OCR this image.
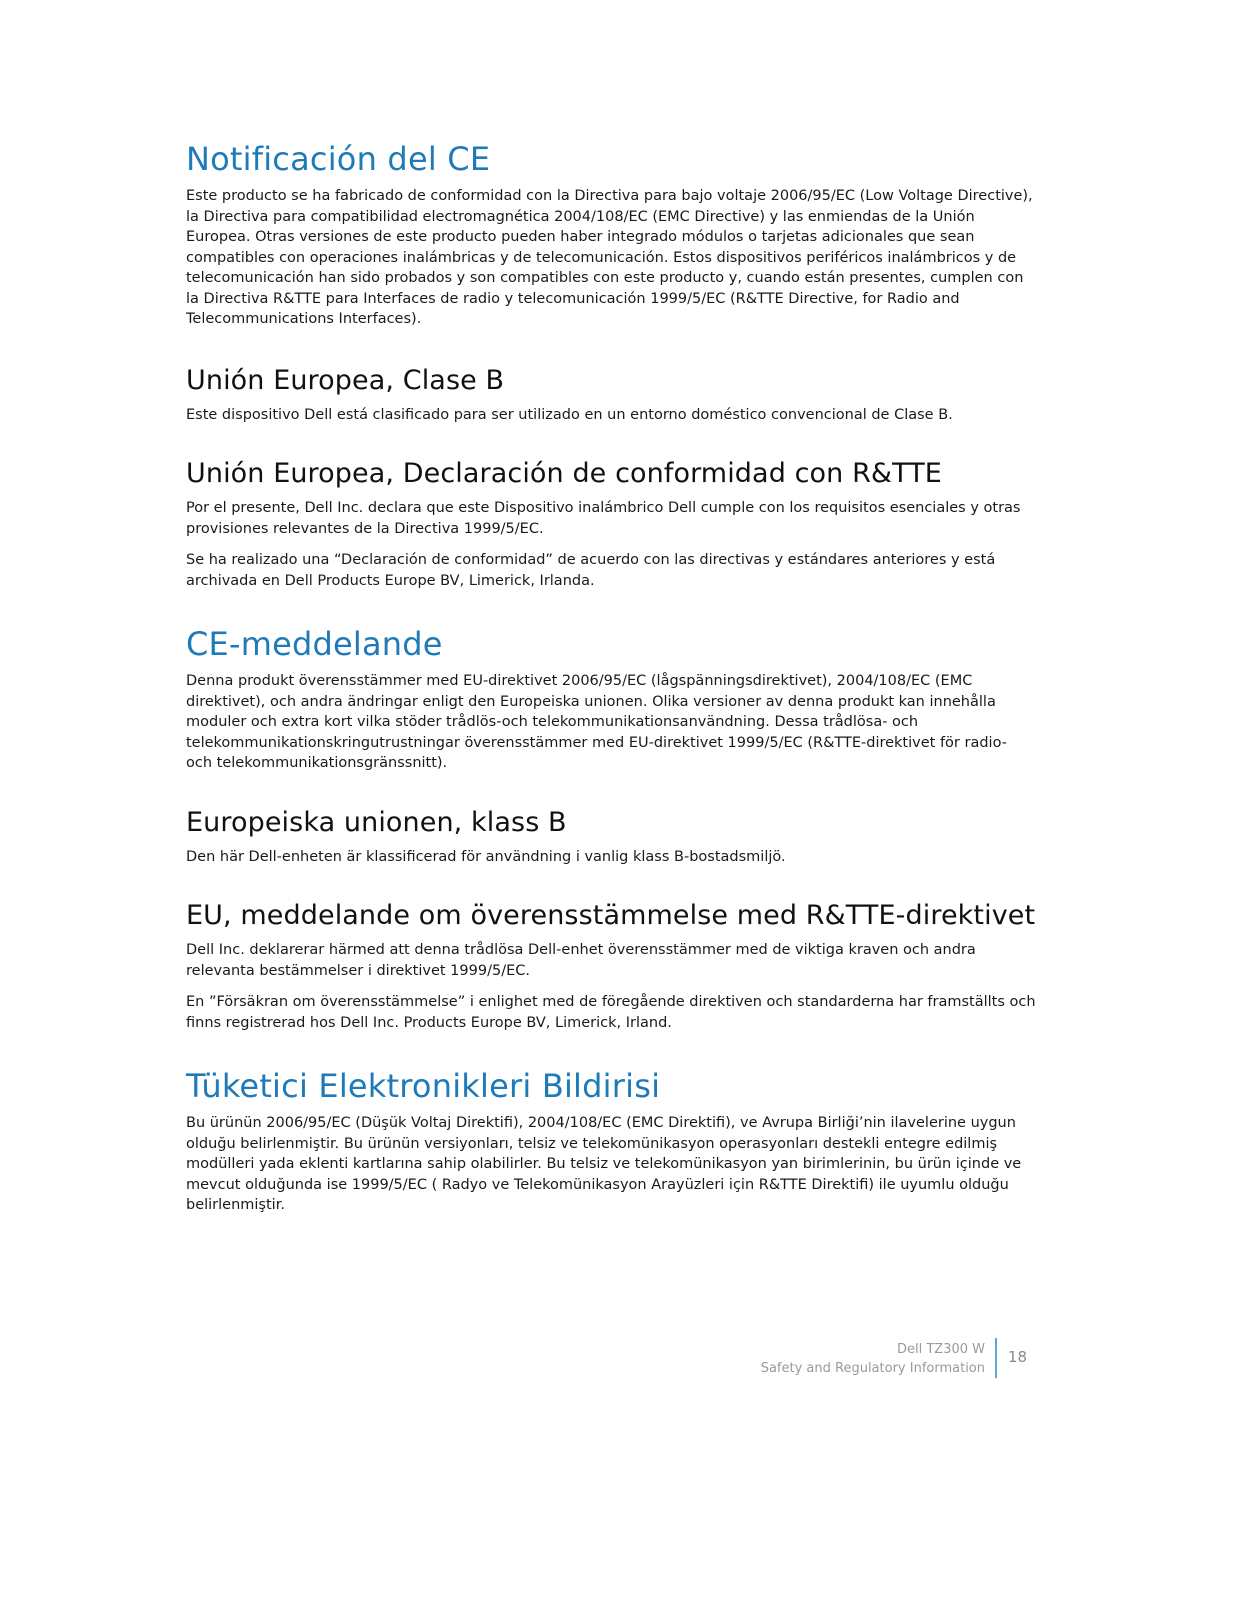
Notificación del CE

Este producto se ha fabricado de conformidad con la Directiva para bajo voltaje 2006/95/EC (Low Voltage Directive), la Directiva para compatibilidad electromagnética 2004/108/EC (EMC Directive) y las enmiendas de la Unión Europea. Otras versiones de este producto pueden haber integrado módulos o tarjetas adicionales que sean compatibles con operaciones inalámbricas y de telecomunicación. Estos dispositivos periféricos inalámbricos y de telecomunicación han sido probados y son compatibles con este producto y, cuando están presentes, cumplen con la Directiva R&TTE para Interfaces de radio y telecomunicación 1999/5/EC (R&TTE Directive, for Radio and Telecommunications Interfaces).

Unión Europea, Clase B

Este dispositivo Dell está clasificado para ser utilizado en un entorno doméstico convencional de Clase B.

Unión Europea, Declaración de conformidad con R&TTE

Por el presente, Dell Inc. declara que este Dispositivo inalámbrico Dell cumple con los requisitos esenciales y otras provisiones relevantes de la Directiva 1999/5/EC.

Se ha realizado una “Declaración de conformidad” de acuerdo con las directivas y estándares anteriores y está archivada en Dell Products Europe BV, Limerick, Irlanda.

CE-meddelande

Denna produkt överensstämmer med EU-direktivet 2006/95/EC (lågspänningsdirektivet), 2004/108/EC (EMC direktivet), och andra ändringar enligt den Europeiska unionen. Olika versioner av denna produkt kan innehålla moduler och extra kort vilka stöder trådlös-och telekommunikationsanvändning. Dessa trådlösa- och telekommunikationskringutrustningar överensstämmer med EU-direktivet 1999/5/EC (R&TTE-direktivet för radio- och telekommunikationsgränssnitt).

Europeiska unionen, klass B

Den här Dell-enheten är klassificerad för användning i vanlig klass B-bostadsmiljö.

EU, meddelande om överensstämmelse med R&TTE-direktivet

Dell Inc. deklarerar härmed att denna trådlösa Dell-enhet överensstämmer med de viktiga kraven och andra relevanta bestämmelser i direktivet 1999/5/EC.

En ”Försäkran om överensstämmelse” i enlighet med de föregående direktiven och standarderna har framställts och finns registrerad hos Dell Inc. Products Europe BV, Limerick, Irland.

Tüketici Elektronikleri Bildirisi

Bu ürünün 2006/95/EC (Düşük Voltaj Direktifi), 2004/108/EC (EMC Direktifi), ve Avrupa Birliği’nin ilavelerine uygun olduğu belirlenmiştir. Bu ürünün versiyonları, telsiz ve telekomünikasyon operasyonları destekli entegre edilmiş modülleri yada eklenti kartlarına sahip olabilirler. Bu telsiz ve telekomünikasyon yan birimlerinin, bu ürün içinde ve mevcut olduğunda ise 1999/5/EC ( Radyo ve Telekomünikasyon Arayüzleri için R&TTE Direktifi) ile uyumlu olduğu belirlenmiştir.

Dell TZ300 W
Safety and Regulatory Information
18
